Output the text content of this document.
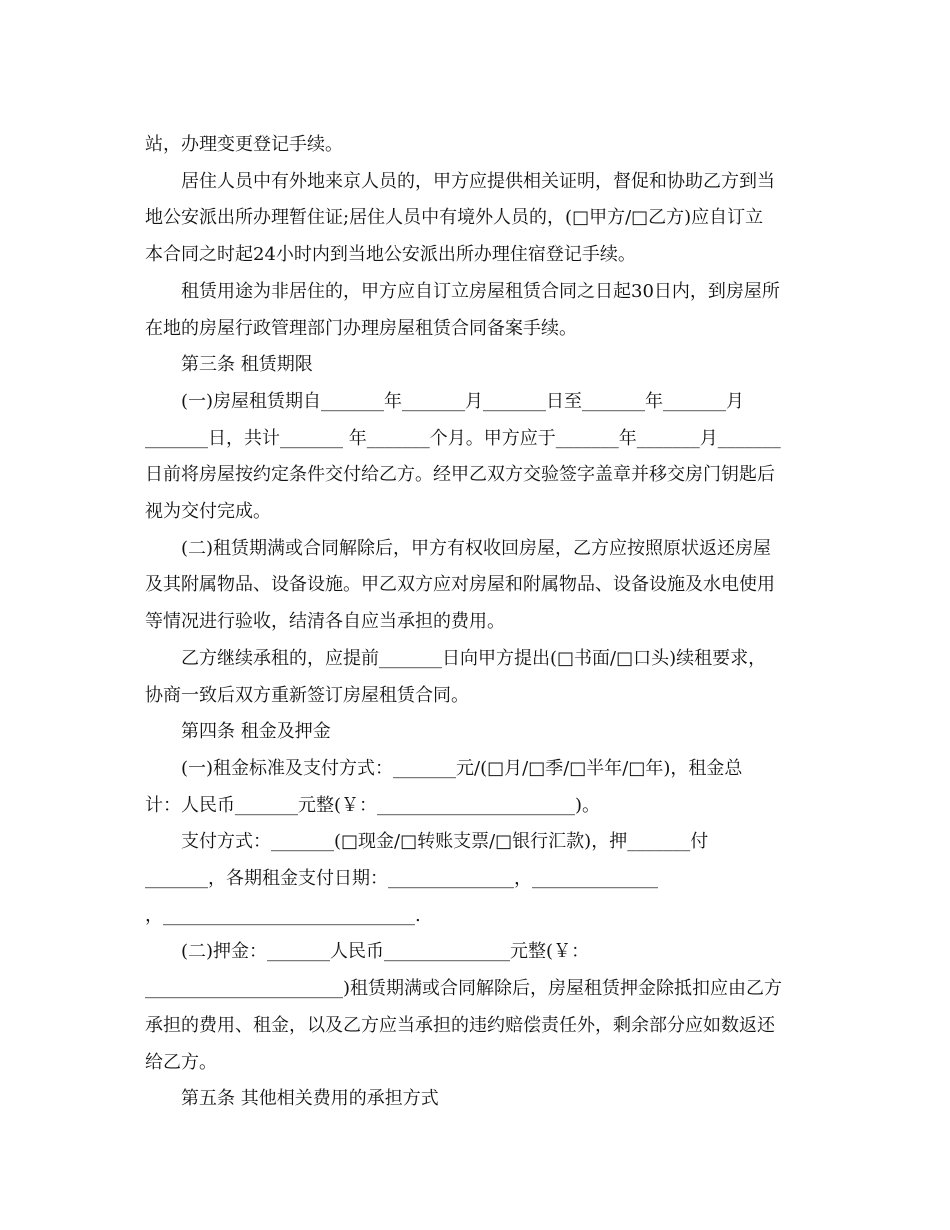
站，办理变更登记手续。
居住人员中有外地来京人员的，甲方应提供相关证明，督促和协助乙方到当
地公安派出所办理暂住证;居住人员中有境外人员的，(□甲方/□乙方)应自订立
本合同之时起24小时内到当地公安派出所办理住宿登记手续。
租赁用途为非居住的，甲方应自订立房屋租赁合同之日起30日内，到房屋所
在地的房屋行政管理部门办理房屋租赁合同备案手续。
第三条 租赁期限
(一)房屋租赁期自_______年_______月_______日至_______年_______月
_______日，共计_______ 年_______个月。甲方应于_______年_______月_______
日前将房屋按约定条件交付给乙方。经甲乙双方交验签字盖章并移交房门钥匙后
视为交付完成。
(二)租赁期满或合同解除后，甲方有权收回房屋，乙方应按照原状返还房屋
及其附属物品、设备设施。甲乙双方应对房屋和附属物品、设备设施及水电使用
等情况进行验收，结清各自应当承担的费用。
乙方继续承租的，应提前_______日向甲方提出(□书面/□口头)续租要求，
协商一致后双方重新签订房屋租赁合同。
第四条 租金及押金
(一)租金标准及支付方式：_______元/(□月/□季/□半年/□年)，租金总
计：人民币_______元整(￥：______________________)。
支付方式：_______(□现金/□转账支票/□银行汇款)，押_______付
_______，各期租金支付日期：______________，______________
，____________________________.
(二)押金：_______人民币______________元整(￥：
______________________)租赁期满或合同解除后，房屋租赁押金除抵扣应由乙方
承担的费用、租金，以及乙方应当承担的违约赔偿责任外，剩余部分应如数返还
给乙方。
第五条 其他相关费用的承担方式
